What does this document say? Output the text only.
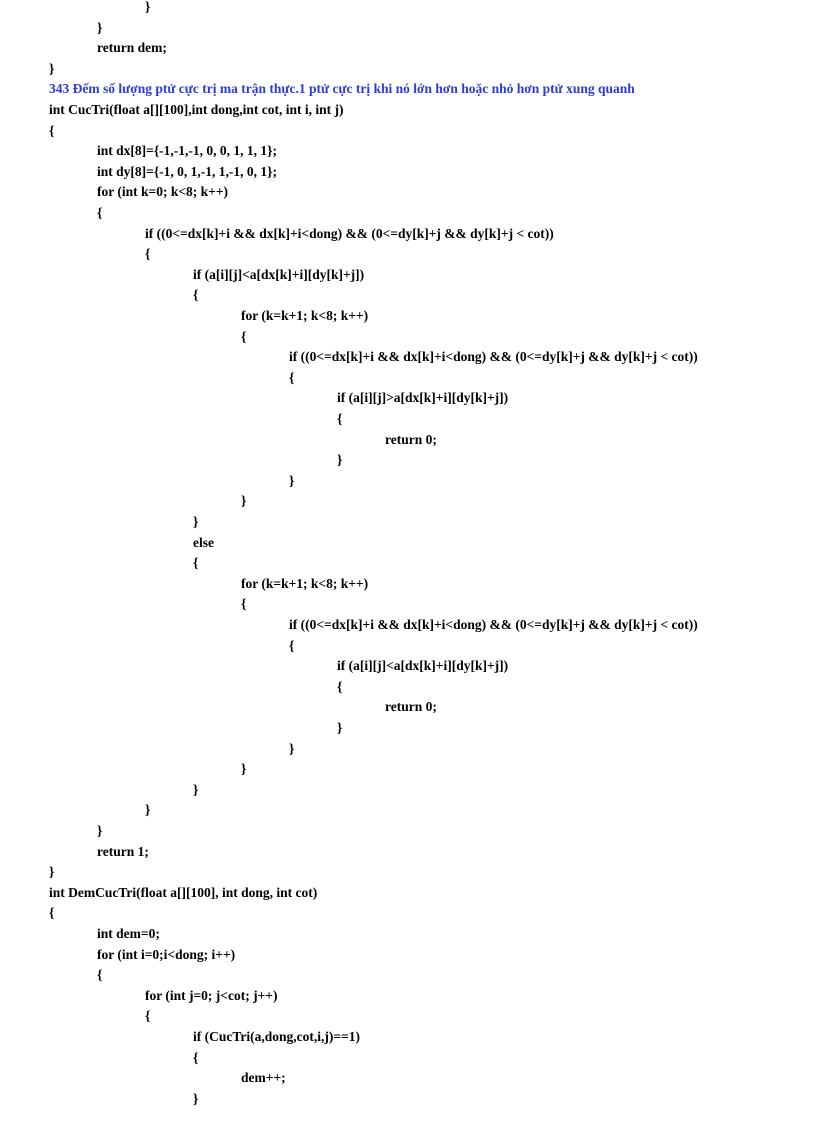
}
}
return dem;
}
343 Đếm số lượng ptử cực trị ma trận thực.1 ptử cực trị khi nó lớn hơn hoặc nhỏ hơn ptử xung quanh
int CucTri(float a[][100],int dong,int cot, int i, int j)
{
int dx[8]={-1,-1,-1, 0, 0, 1, 1, 1};
int dy[8]={-1, 0, 1,-1, 1,-1, 0, 1};
for (int k=0; k<8; k++)
{
if ((0<=dx[k]+i && dx[k]+i<dong) && (0<=dy[k]+j && dy[k]+j < cot))
{
if (a[i][j]<a[dx[k]+i][dy[k]+j])
{
for (k=k+1; k<8; k++)
{
if ((0<=dx[k]+i && dx[k]+i<dong) && (0<=dy[k]+j && dy[k]+j < cot))
{
if (a[i][j]>a[dx[k]+i][dy[k]+j])
{
return 0;
}
}
}
}
else
{
for (k=k+1; k<8; k++)
{
if ((0<=dx[k]+i && dx[k]+i<dong) && (0<=dy[k]+j && dy[k]+j < cot))
{
if (a[i][j]<a[dx[k]+i][dy[k]+j])
{
return 0;
}
}
}
}
}
}
return 1;
}
int DemCucTri(float a[][100], int dong, int cot)
{
int dem=0;
for (int i=0;i<dong; i++)
{
for (int j=0; j<cot; j++)
{
if (CucTri(a,dong,cot,i,j)==1)
{
dem++;
}
